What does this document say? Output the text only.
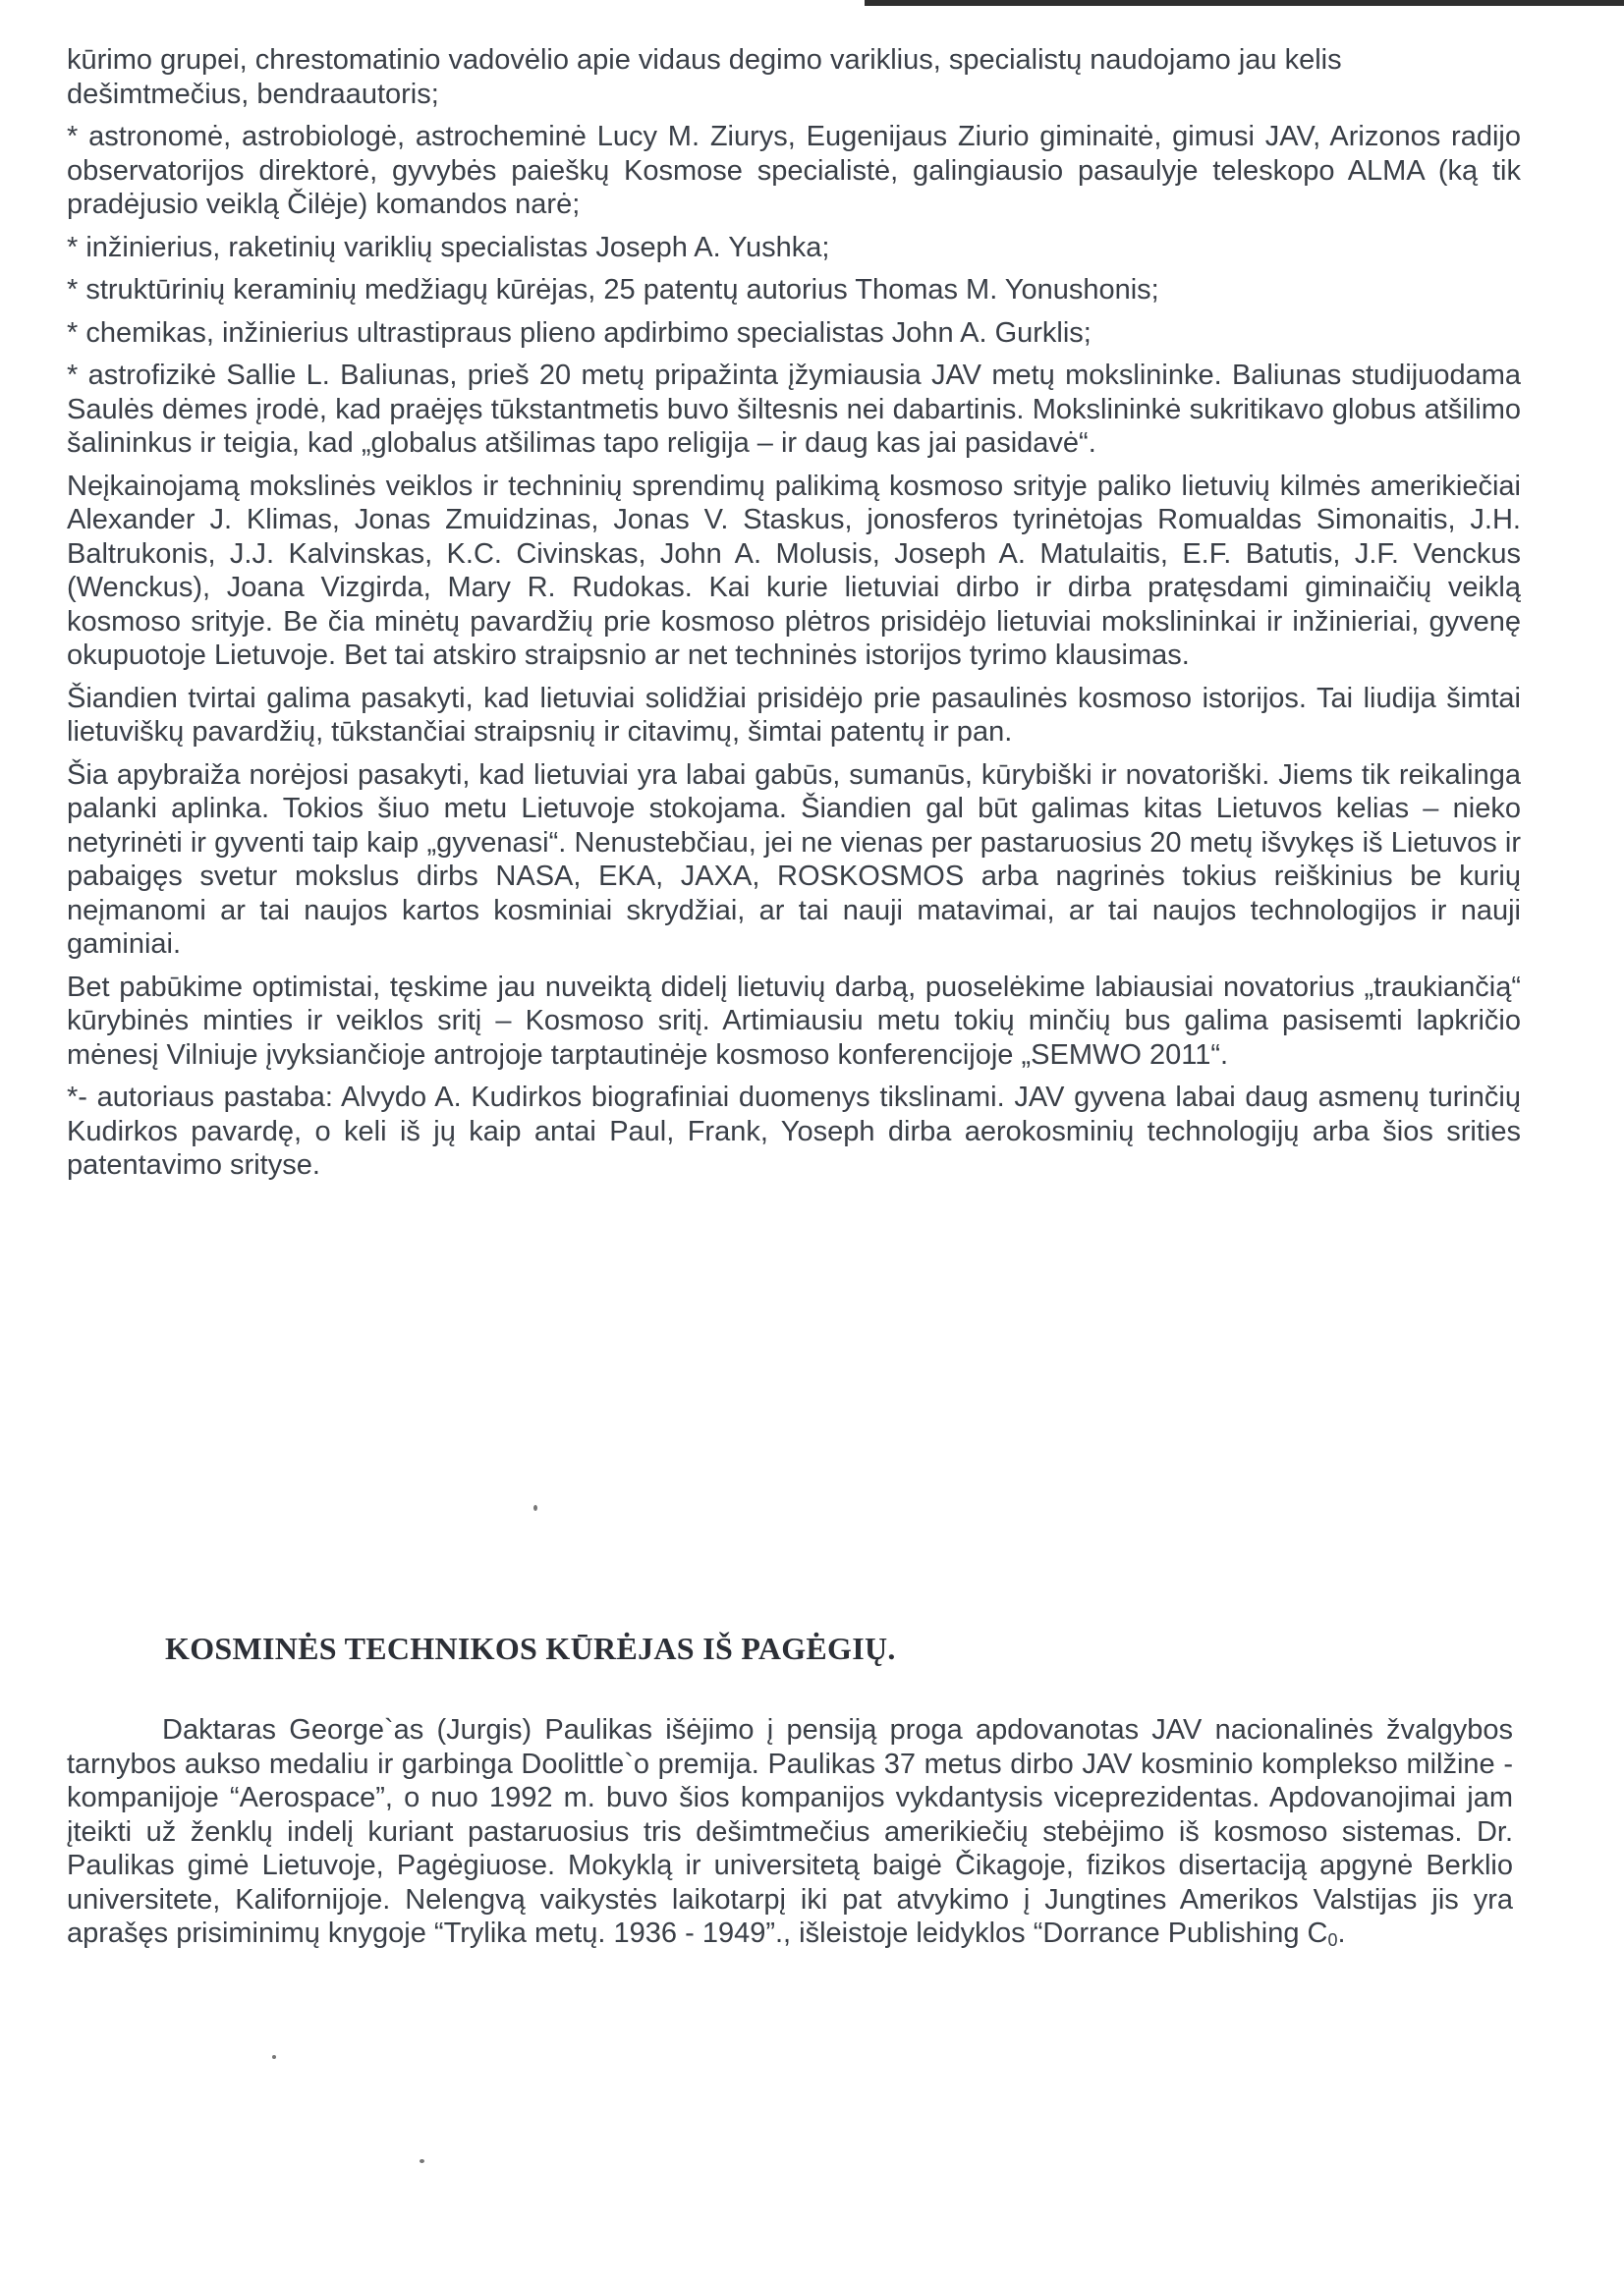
kūrimo grupei, chrestomatinio vadovėlio apie vidaus degimo variklius, specialistų naudojamo jau kelis dešimtmečius, bendraautoris;

* astronomė, astrobiologė, astrocheminė Lucy M. Ziurys, Eugenijaus Ziurio giminaitė, gimusi JAV, Arizonos radijo observatorijos direktorė, gyvybės paieškų Kosmose specialistė, galingiausio pasaulyje teleskopo ALMA (ką tik pradėjusio veiklą Čilėje) komandos narė;

* inžinierius, raketinių variklių specialistas Joseph A. Yushka;

* struktūrinių keraminių medžiagų kūrėjas, 25 patentų autorius Thomas M. Yonushonis;

* chemikas, inžinierius ultrastipraus plieno apdirbimo specialistas John A. Gurklis;

* astrofizikė Sallie L. Baliunas, prieš 20 metų pripažinta įžymiausia JAV metų mokslininke. Baliunas studijuodama Saulės dėmes įrodė, kad praėjęs tūkstantmetis buvo šiltesnis nei dabartinis. Mokslininkė sukritikavo globus atšilimo šalininkus ir teigia, kad „globalus atšilimas tapo religija – ir daug kas jai pasidavė“.

Neįkainojamą mokslinės veiklos ir techninių sprendimų palikimą kosmoso srityje paliko lietuvių kilmės amerikiečiai Alexander J. Klimas, Jonas Zmuidzinas, Jonas V. Staskus, jonosferos tyrinėtojas Romualdas Simonaitis, J.H. Baltrukonis, J.J. Kalvinskas, K.C. Civinskas, John A. Molusis, Joseph A. Matulaitis, E.F. Batutis, J.F. Venckus (Wenckus), Joana Vizgirda, Mary R. Rudokas. Kai kurie lietuviai dirbo ir dirba pratęsdami giminaičių veiklą kosmoso srityje. Be čia minėtų pavardžių prie kosmoso plėtros prisidėjo lietuviai mokslininkai ir inžinieriai, gyvenę okupuotoje Lietuvoje. Bet tai atskiro straipsnio ar net techninės istorijos tyrimo klausimas.

Šiandien tvirtai galima pasakyti, kad lietuviai solidžiai prisidėjo prie pasaulinės kosmoso istorijos. Tai liudija šimtai lietuviškų pavardžių, tūkstančiai straipsnių ir citavimų, šimtai patentų ir pan.

Šia apybraiža norėjosi pasakyti, kad lietuviai yra labai gabūs, sumanūs, kūrybiški ir novatoriški. Jiems tik reikalinga palanki aplinka. Tokios šiuo metu Lietuvoje stokojama. Šiandien gal būt galimas kitas Lietuvos kelias – nieko netyrinėti ir gyventi taip kaip „gyvenasi“. Nenustebčiau, jei ne vienas per pastaruosius 20 metų išvykęs iš Lietuvos ir pabaigęs svetur mokslus dirbs NASA, EKA, JAXA, ROSKOSMOS arba nagrinės tokius reiškinius be kurių neįmanomi ar tai naujos kartos kosminiai skrydžiai, ar tai nauji matavimai, ar tai naujos technologijos ir nauji gaminiai.

Bet pabūkime optimistai, tęskime jau nuveiktą didelį lietuvių darbą, puoselėkime labiausiai novatorius „traukiančią“ kūrybinės minties ir veiklos sritį – Kosmoso sritį. Artimiausiu metu tokių minčių bus galima pasisemti lapkričio mėnesį Vilniuje įvyksiančioje antrojoje tarptautinėje kosmoso konferencijoje „SEMWO 2011“.

*- autoriaus pastaba: Alvydo A. Kudirkos biografiniai duomenys tikslinami. JAV gyvena labai daug asmenų turinčių Kudirkos pavardę, o keli iš jų kaip antai Paul, Frank, Yoseph dirba aerokosminių technologijų arba šios srities patentavimo srityse.

KOSMINĖS TECHNIKOS KŪRĖJAS IŠ PAGĖGIŲ.

Daktaras George`as (Jurgis) Paulikas išėjimo į pensiją proga apdovanotas JAV nacionalinės žvalgybos tarnybos aukso medaliu ir garbinga Doolittle`o premija. Paulikas 37 metus dirbo JAV kosminio komplekso milžine - kompanijoje “Aerospace”, o nuo 1992 m. buvo šios kompanijos vykdantysis viceprezidentas. Apdovanojimai jam įteikti už ženklų indelį kuriant pastaruosius tris dešimtmečius amerikiečių stebėjimo iš kosmoso sistemas. Dr. Paulikas gimė Lietuvoje, Pagėgiuose. Mokyklą ir universitetą baigė Čikagoje, fizikos disertaciją apgynė Berklio universitete, Kalifornijoje. Nelengvą vaikystės laikotarpį iki pat atvykimo į Jungtines Amerikos Valstijas jis yra aprašęs prisiminimų knygoje “Trylika metų. 1936 - 1949”., išleistoje leidyklos “Dorrance Publishing $C_0$.
